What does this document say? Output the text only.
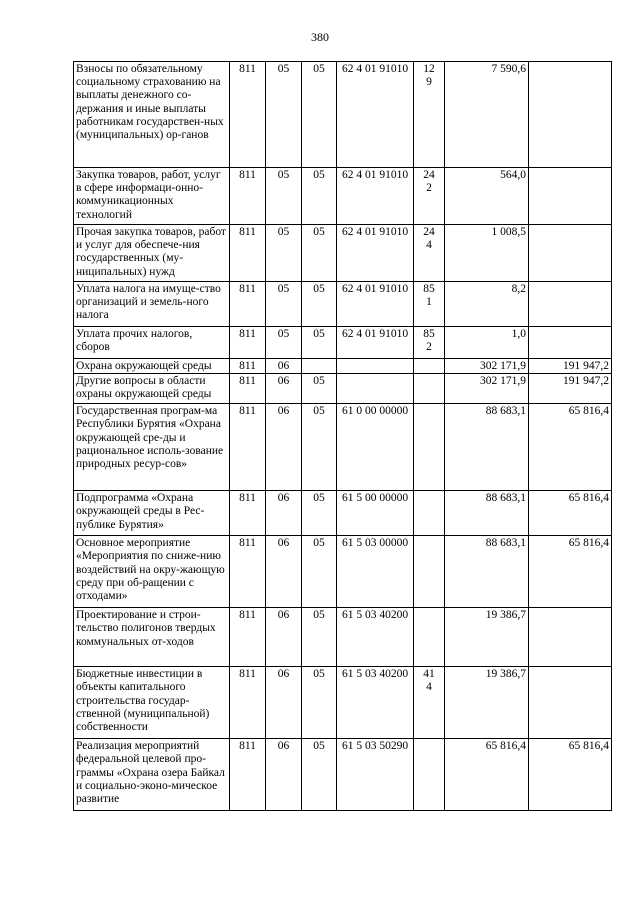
380
Взносы по обязательному социальному страхованию на выплаты денежного со-держания и иные выплаты работникам государствен-ных (муниципальных) ор-ганов	811	05	05	62 4 01 91010	129	7 590,6	
Закупка товаров, работ, услуг в сфере информаци-онно-коммуникационных технологий	811	05	05	62 4 01 91010	242	564,0	
Прочая закупка товаров, работ и услуг для обеспече-ния государственных (му-ниципальных) нужд	811	05	05	62 4 01 91010	244	1 008,5	
Уплата налога на имуще-ство организаций и земель-ного налога	811	05	05	62 4 01 91010	851	8,2	
Уплата прочих налогов, сборов	811	05	05	62 4 01 91010	852	1,0	
Охрана окружающей среды	811	06				302 171,9	191 947,2
Другие вопросы в области охраны окружающей среды	811	06	05			302 171,9	191 947,2
Государственная програм-ма Республики Бурятия «Охрана окружающей сре-ды и рациональное исполь-зование природных ресур-сов»	811	06	05	61 0 00 00000		88 683,1	65 816,4
Подпрограмма «Охрана окружающей среды в Рес-публике Бурятия»	811	06	05	61 5 00 00000		88 683,1	65 816,4
Основное мероприятие «Мероприятия по сниже-нию воздействий на окру-жающую среду при об-ращении с отходами»	811	06	05	61 5 03 00000		88 683,1	65 816,4
Проектирование и строи-тельство полигонов твердых коммунальных от-ходов	811	06	05	61 5 03 40200		19 386,7	
Бюджетные инвестиции в объекты капитального строительства государ-ственной (муниципальной) собственности	811	06	05	61 5 03 40200	414	19 386,7	
Реализация мероприятий федеральной целевой про-граммы «Охрана озера Байкал и социально-эконо-мическое развитие	811	06	05	61 5 03 50290		65 816,4	65 816,4
